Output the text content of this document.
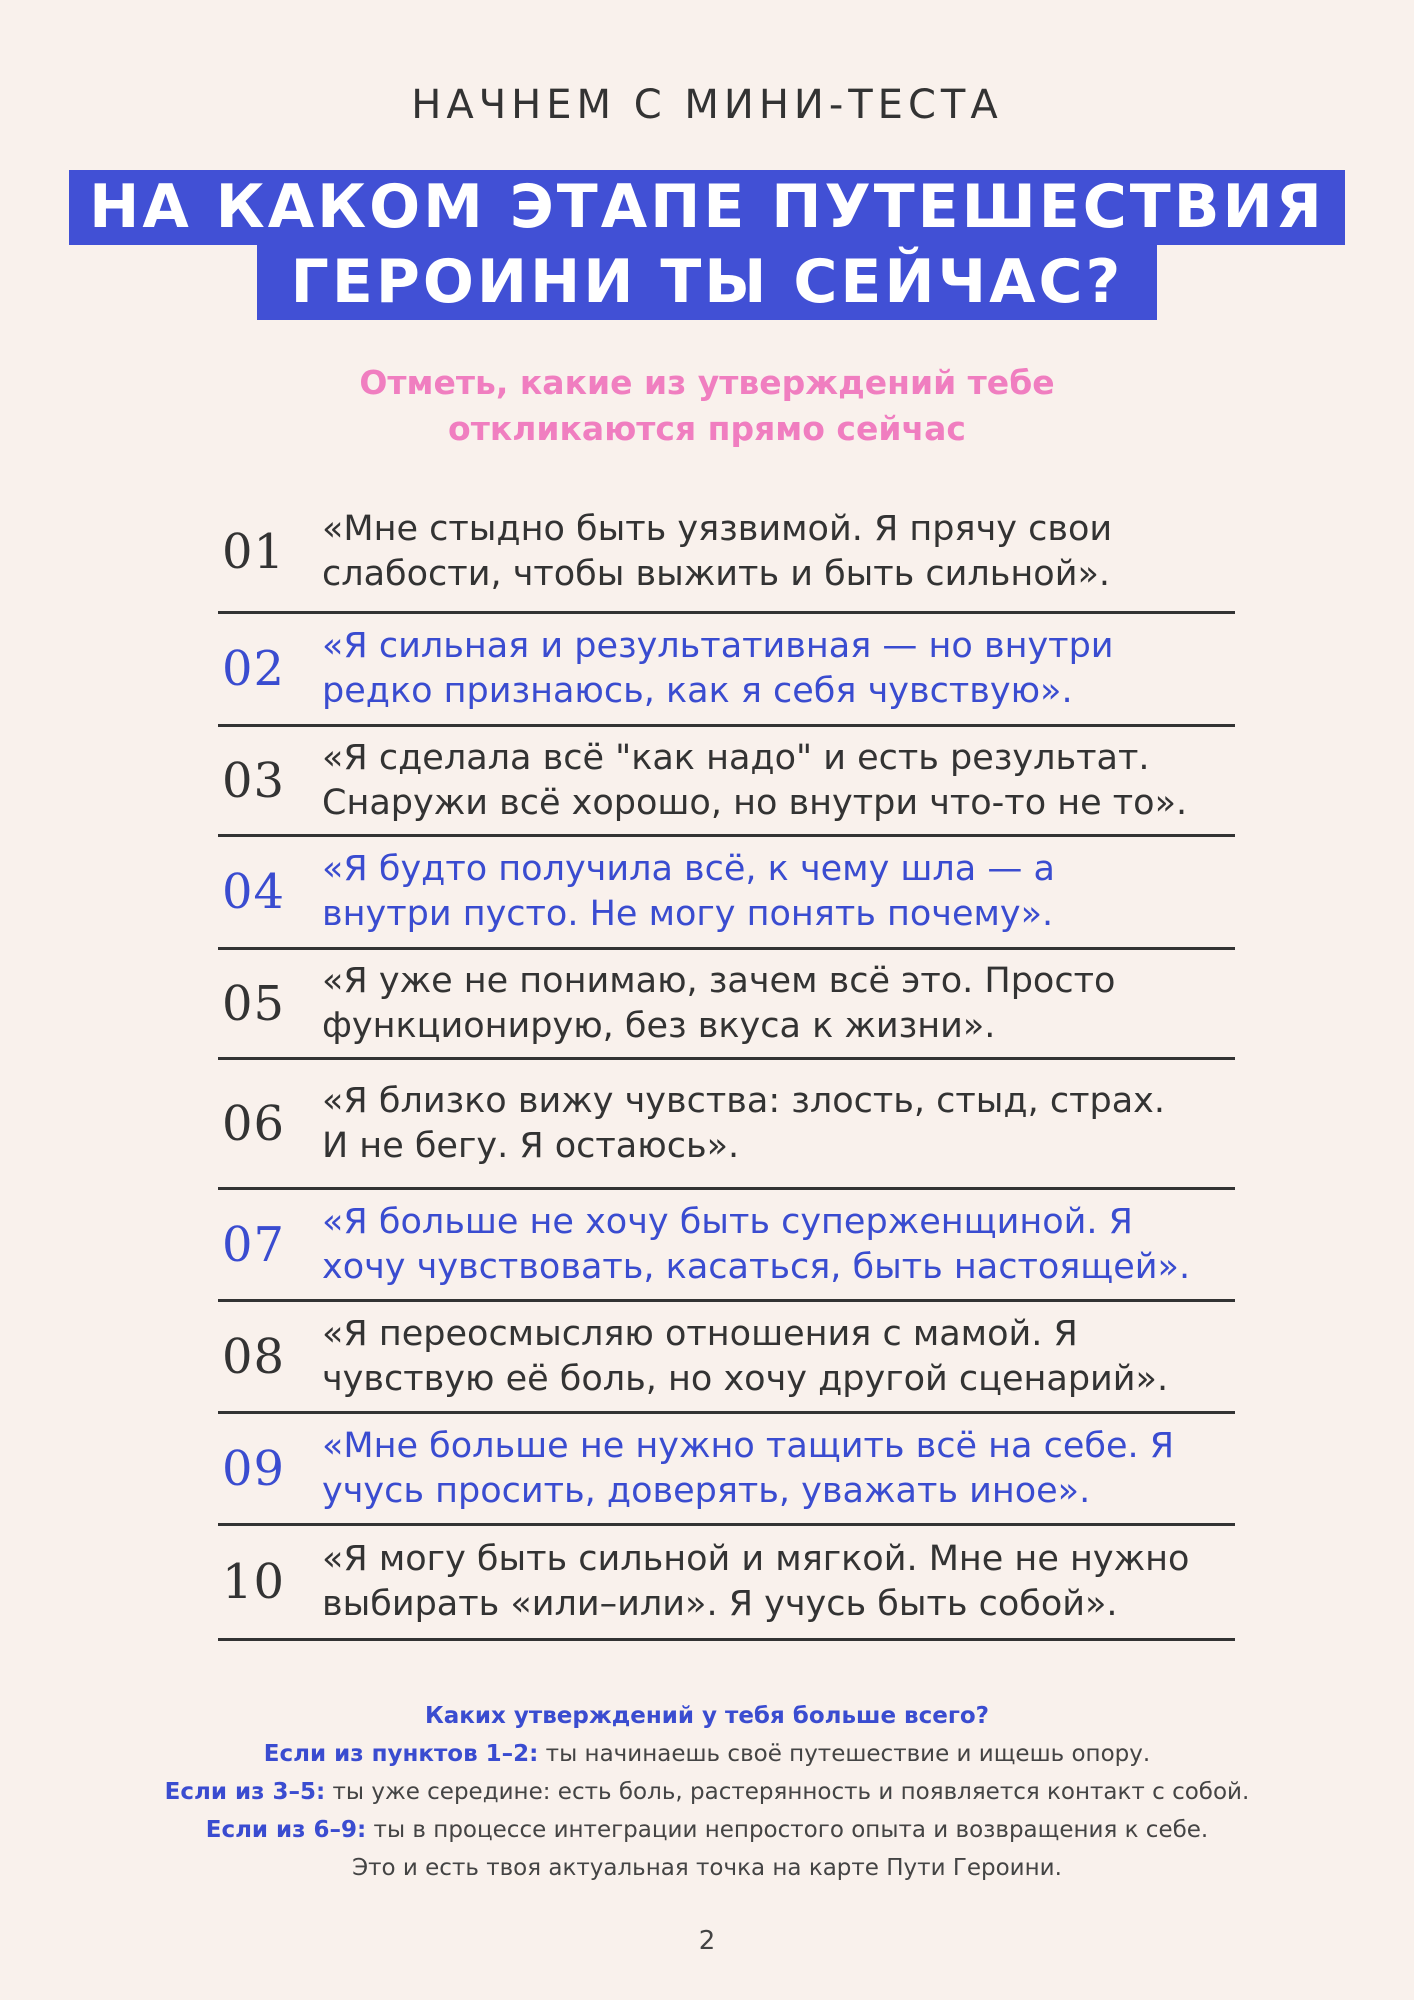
НАЧНЕМ С МИНИ-ТЕСТА
НА КАКОМ ЭТАПЕ ПУТЕШЕСТВИЯ
ГЕРОИНИ ТЫ СЕЙЧАС?
Отметь, какие из утверждений тебе
откликаются прямо сейчас
01 «Мне стыдно быть уязвимой. Я прячу свои
слабости, чтобы выжить и быть сильной».
02 «Я сильная и результативная — но внутри
редко признаюсь, как я себя чувствую».
03 «Я сделала всё "как надо" и есть результат.
Снаружи всё хорошо, но внутри что-то не то».
04 «Я будто получила всё, к чему шла — а
внутри пусто. Не могу понять почему».
05 «Я уже не понимаю, зачем всё это. Просто
функционирую, без вкуса к жизни».
06 «Я близко вижу чувства: злость, стыд, страх.
И не бегу. Я остаюсь».
07 «Я больше не хочу быть суперженщиной. Я
хочу чувствовать, касаться, быть настоящей».
08 «Я переосмысляю отношения с мамой. Я
чувствую её боль, но хочу другой сценарий».
09 «Мне больше не нужно тащить всё на себе. Я
учусь просить, доверять, уважать иное».
10 «Я могу быть сильной и мягкой. Мне не нужно
выбирать «или–или». Я учусь быть собой».
Каких утверждений у тебя больше всего?
Если из пунктов 1–2: ты начинаешь своё путешествие и ищешь опору.
Если из 3–5: ты уже середине: есть боль, растерянность и появляется контакт с собой.
Если из 6–9: ты в процессе интеграции непростого опыта и возвращения к себе.
Это и есть твоя актуальная точка на карте Пути Героини.
2
